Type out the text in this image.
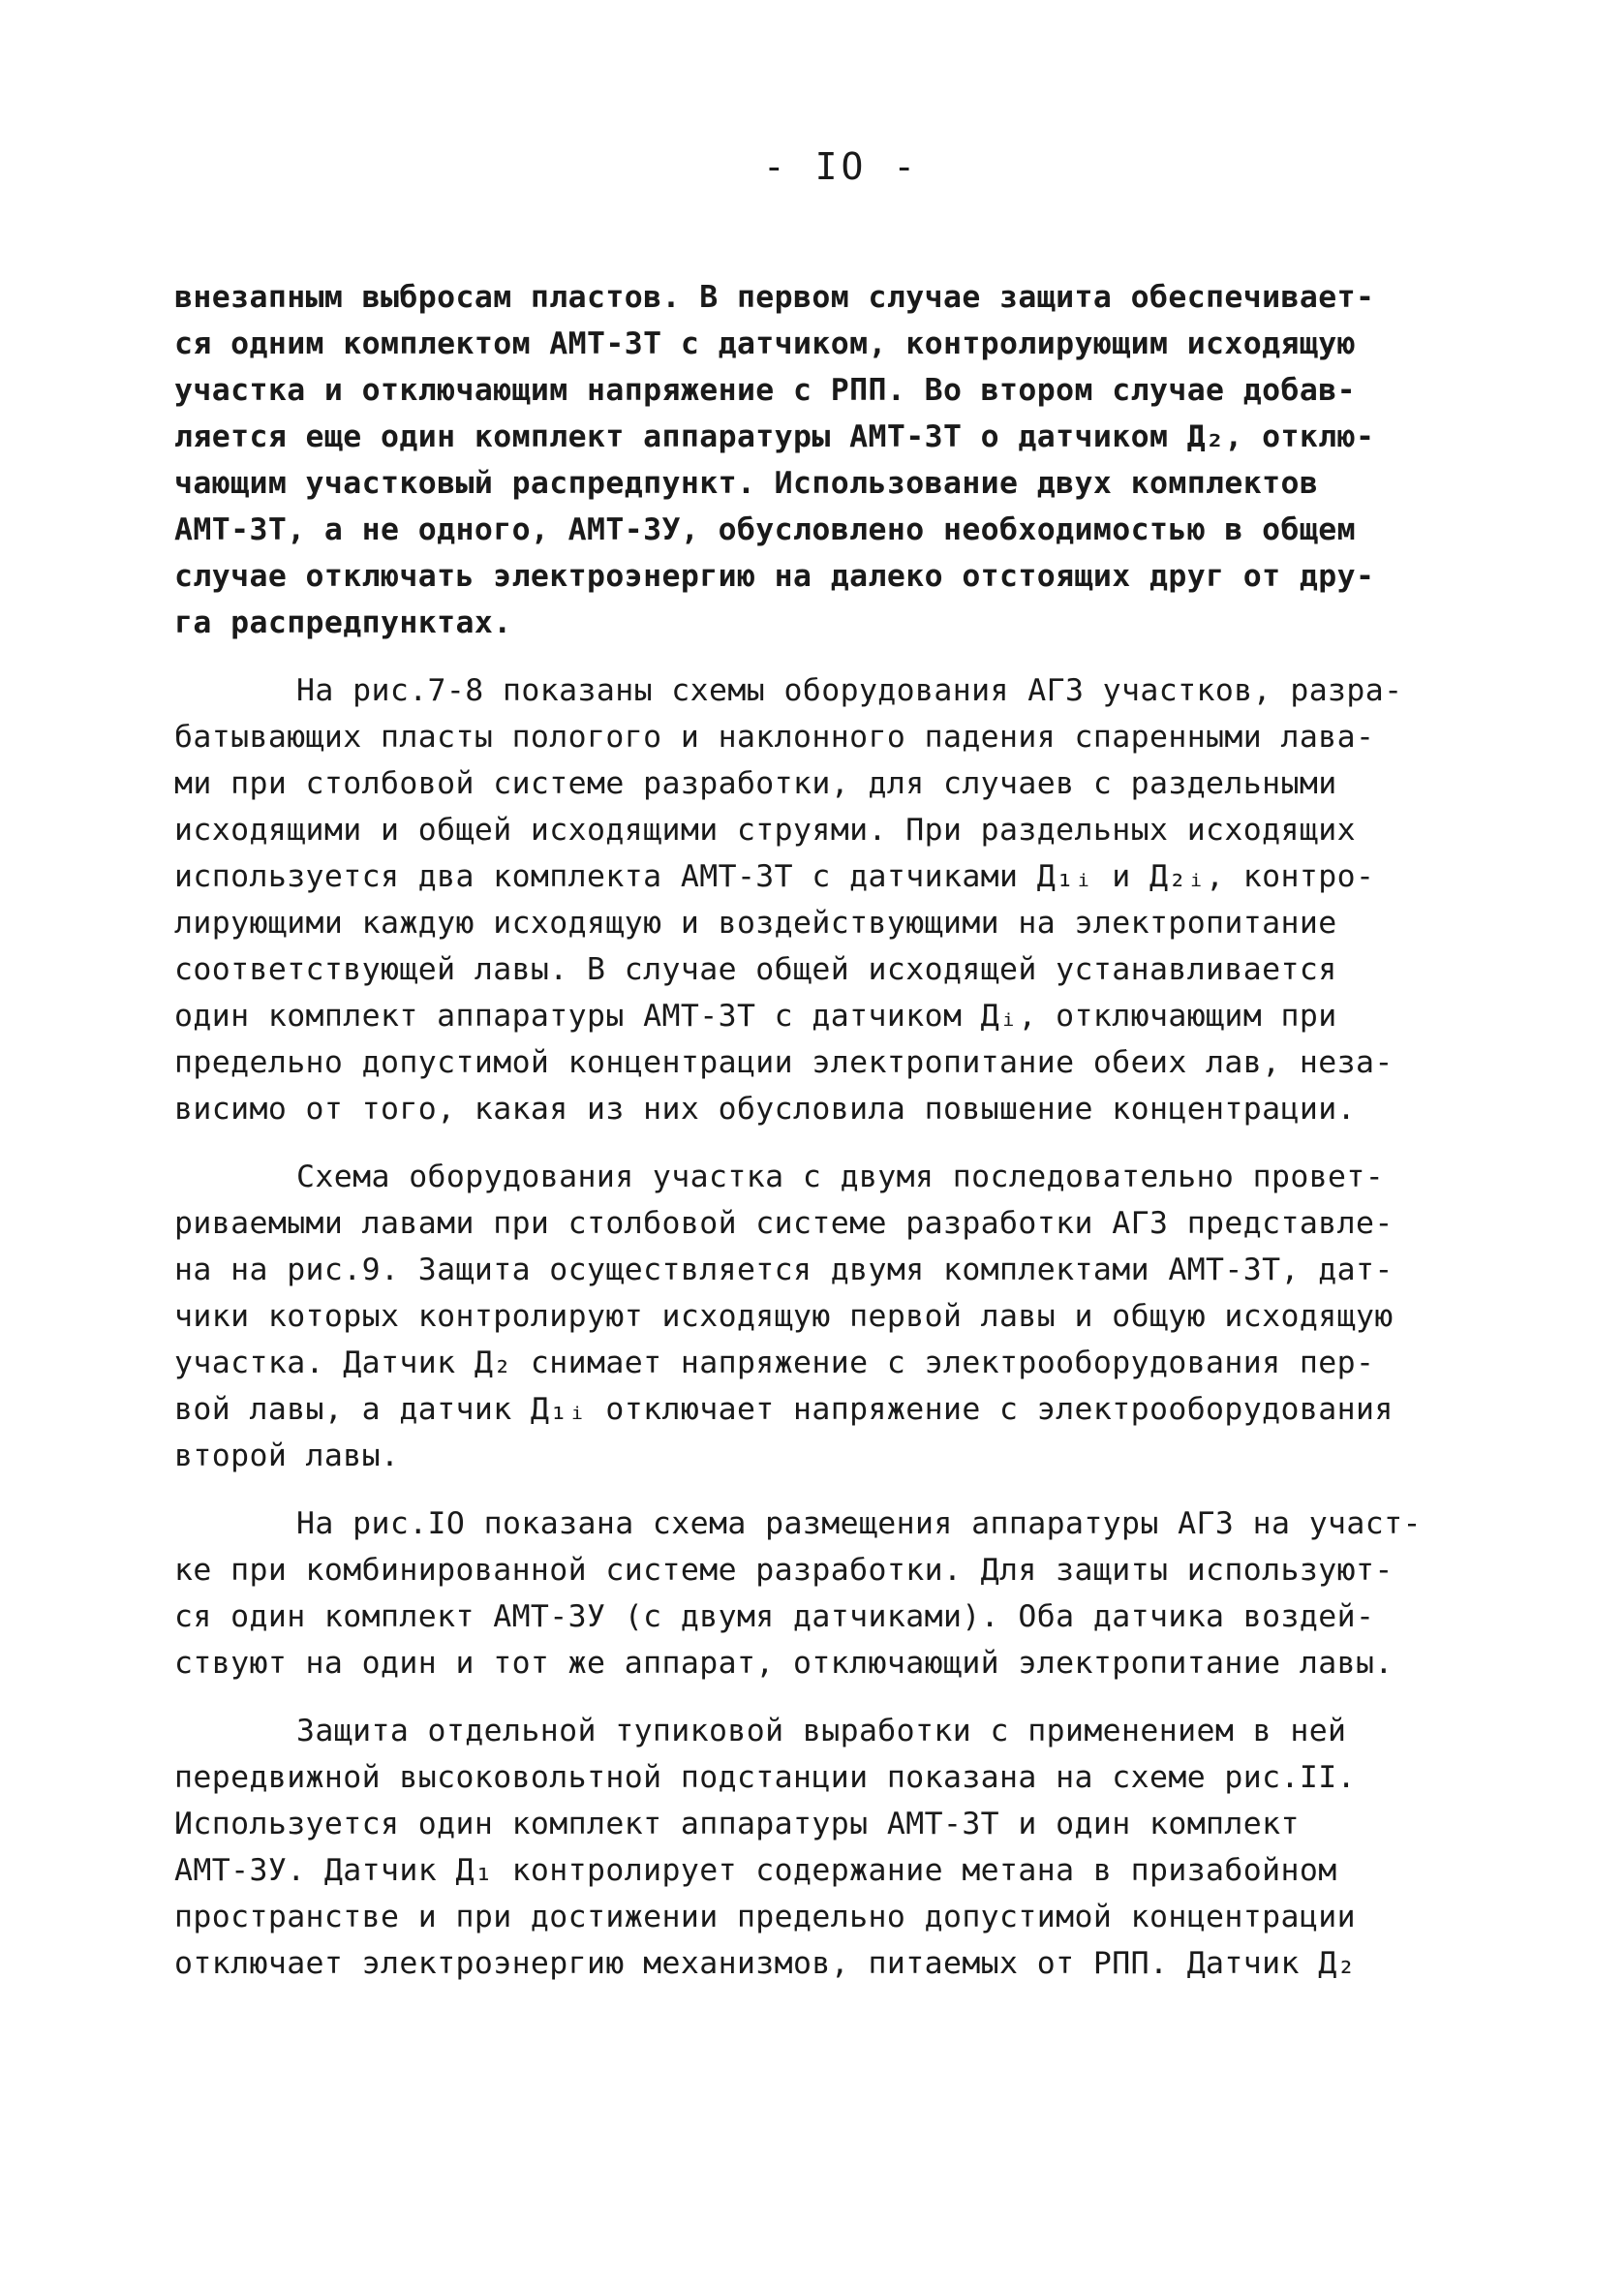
- IO -
внезапным выбросам пластов. В первом случае защита обеспечивает-
ся одним комплектом АМТ-3Т с датчиком, контролирующим исходящую
участка и отключающим напряжение с РПП. Во втором случае добав-
ляется еще один комплект аппаратуры АМТ-3Т о датчиком Д₂, отклю-
чающим участковый распредпункт. Использование двух комплектов
АМТ-3Т, а не одного, АМТ-3У, обусловлено необходимостью в общем
случае отключать электроэнергию на далеко отстоящих друг от дру-
га распредпунктах.
На рис.7-8 показаны схемы оборудования АГЗ участков, разра-
батывающих пласты пологого и наклонного падения спаренными лава-
ми при столбовой системе разработки, для случаев с раздельными
исходящими и общей исходящими струями. При раздельных исходящих
используется два комплекта АМТ-3Т с датчиками Д₁ᵢ и Д₂ᵢ, контро-
лирующими каждую исходящую и воздействующими на электропитание
соответствующей лавы. В случае общей исходящей устанавливается
один комплект аппаратуры АМТ-3Т с датчиком Дᵢ, отключающим при
предельно допустимой концентрации электропитание обеих лав, неза-
висимо от того, какая из них обусловила повышение концентрации.
Схема оборудования участка с двумя последовательно провет-
риваемыми лавами при столбовой системе разработки АГЗ представле-
на на рис.9. Защита осуществляется двумя комплектами АМТ-3Т, дат-
чики которых контролируют исходящую первой лавы и общую исходящую
участка. Датчик Д₂ снимает напряжение с электрооборудования пер-
вой лавы, а датчик Д₁ᵢ отключает напряжение с электрооборудования
второй лавы.
На рис.IO показана схема размещения аппаратуры АГЗ на участ-
ке при комбинированной системе разработки. Для защиты используют-
ся один комплект АМТ-3У (с двумя датчиками). Оба датчика воздей-
ствуют на один и тот же аппарат, отключающий электропитание лавы.
Защита отдельной тупиковой выработки с применением в ней
передвижной высоковольтной подстанции показана на схеме рис.II.
Используется один комплект аппаратуры АМТ-3Т и один комплект
АМТ-3У. Датчик Д₁ контролирует содержание метана в призабойном
пространстве и при достижении предельно допустимой концентрации
отключает электроэнергию механизмов, питаемых от РПП. Датчик Д₂
